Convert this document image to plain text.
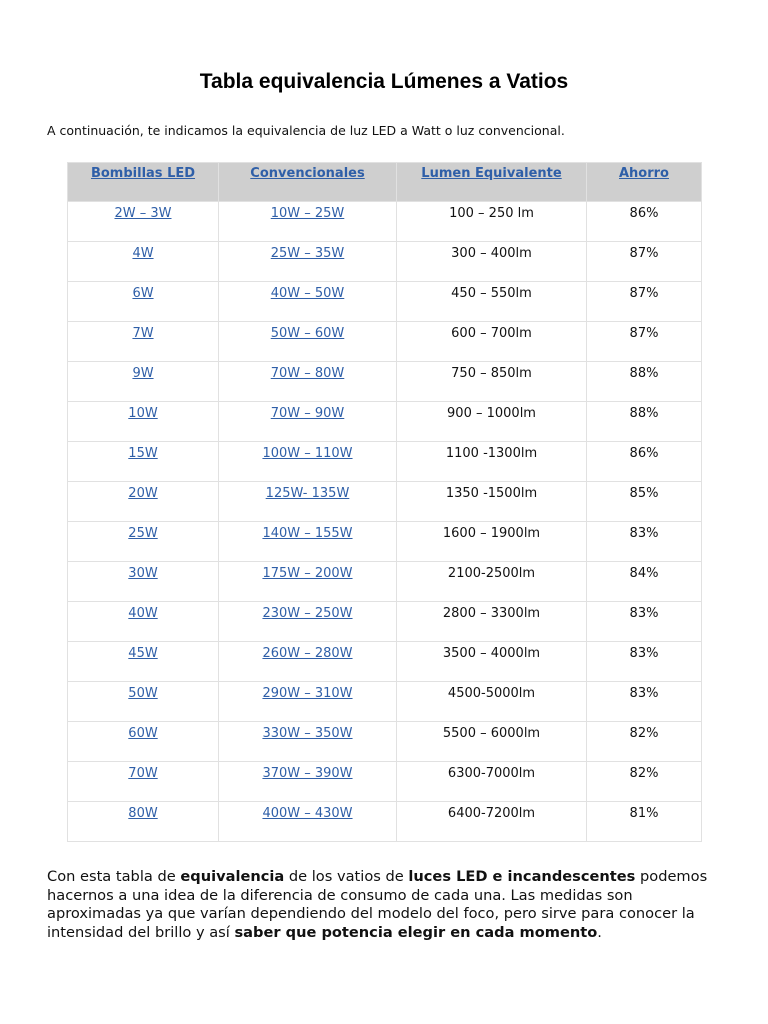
Tabla equivalencia Lúmenes a Vatios

A continuación, te indicamos la equivalencia de luz LED a Watt o luz convencional.

Bombillas LED	Convencionales	Lumen Equivalente	Ahorro
2W – 3W	10W – 25W	100 – 250 lm	86%
4W	25W – 35W	300 – 400lm	87%
6W	40W – 50W	450 – 550lm	87%
7W	50W – 60W	600 – 700lm	87%
9W	70W – 80W	750 – 850lm	88%
10W	70W – 90W	900 – 1000lm	88%
15W	100W – 110W	1100 -1300lm	86%
20W	125W- 135W	1350 -1500lm	85%
25W	140W – 155W	1600 – 1900lm	83%
30W	175W – 200W	2100-2500lm	84%
40W	230W – 250W	2800 – 3300lm	83%
45W	260W – 280W	3500 – 4000lm	83%
50W	290W – 310W	4500-5000lm	83%
60W	330W – 350W	5500 – 6000lm	82%
70W	370W – 390W	6300-7000lm	82%
80W	400W – 430W	6400-7200lm	81%

Con esta tabla de equivalencia de los vatios de luces LED e incandescentes podemos hacernos a una idea de la diferencia de consumo de cada una. Las medidas son aproximadas ya que varían dependiendo del modelo del foco, pero sirve para conocer la intensidad del brillo y así saber que potencia elegir en cada momento.
